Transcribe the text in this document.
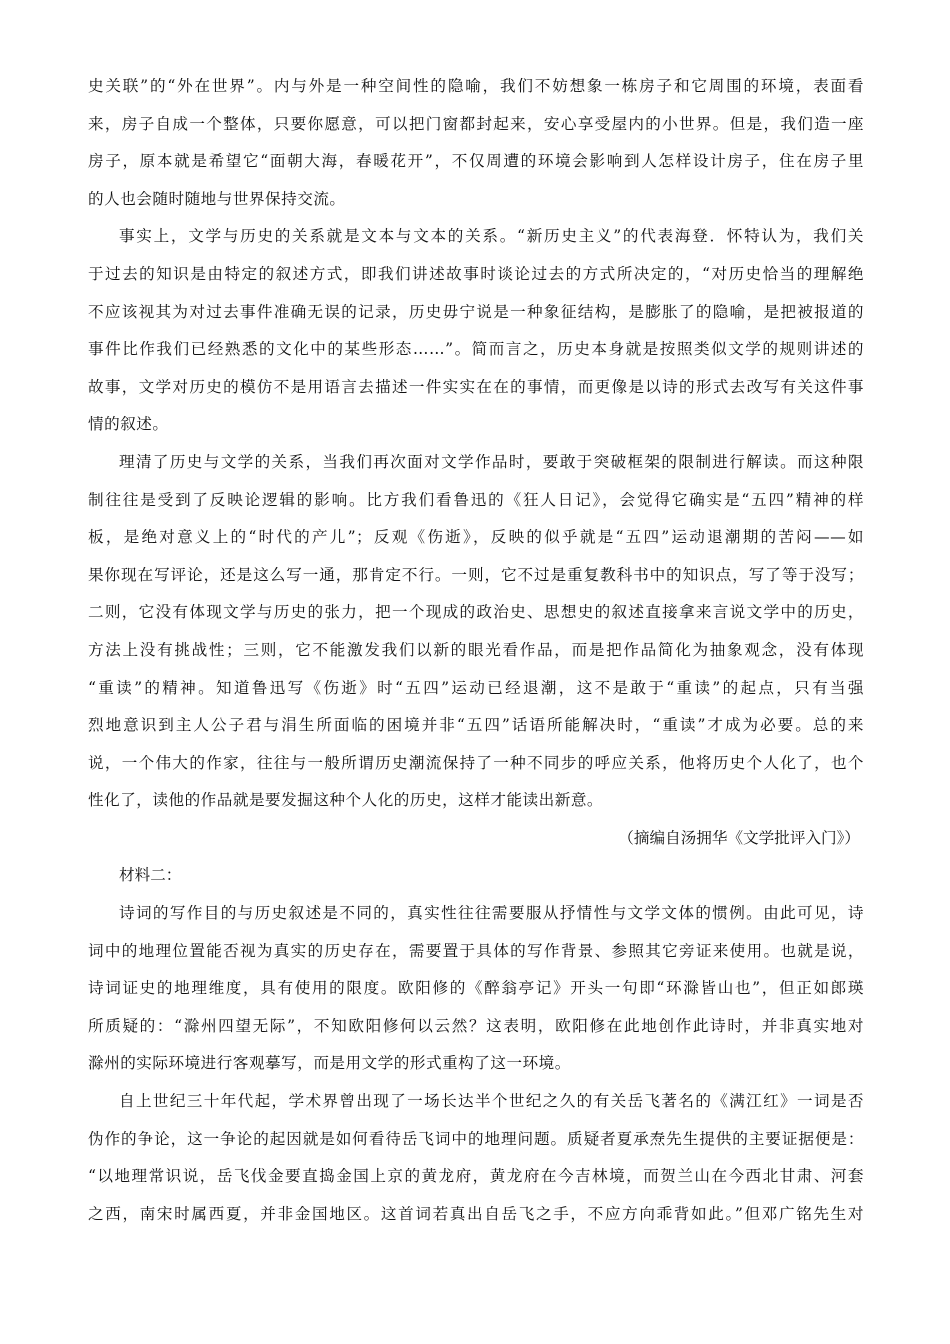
史关联”的“外在世界”。内与外是一种空间性的隐喻，我们不妨想象一栋房子和它周围的环境，表面看
来，房子自成一个整体，只要你愿意，可以把门窗都封起来，安心享受屋内的小世界。但是，我们造一座
房子，原本就是希望它“面朝大海，春暖花开”，不仅周遭的环境会影响到人怎样设计房子，住在房子里
的人也会随时随地与世界保持交流。

事实上，文学与历史的关系就是文本与文本的关系。“新历史主义”的代表海登．怀特认为，我们关
于过去的知识是由特定的叙述方式，即我们讲述故事时谈论过去的方式所决定的，“对历史恰当的理解绝
不应该视其为对过去事件准确无误的记录，历史毋宁说是一种象征结构，是膨胀了的隐喻，是把被报道的
事件比作我们已经熟悉的文化中的某些形态……”。简而言之，历史本身就是按照类似文学的规则讲述的
故事，文学对历史的模仿不是用语言去描述一件实实在在的事情，而更像是以诗的形式去改写有关这件事
情的叙述。

理清了历史与文学的关系，当我们再次面对文学作品时，要敢于突破框架的限制进行解读。而这种限
制往往是受到了反映论逻辑的影响。比方我们看鲁迅的《狂人日记》，会觉得它确实是“五四”精神的样
板，是绝对意义上的“时代的产儿”；反观《伤逝》，反映的似乎就是“五四”运动退潮期的苦闷——如
果你现在写评论，还是这么写一通，那肯定不行。一则，它不过是重复教科书中的知识点，写了等于没写；
二则，它没有体现文学与历史的张力，把一个现成的政治史、思想史的叙述直接拿来言说文学中的历史，
方法上没有挑战性；三则，它不能激发我们以新的眼光看作品，而是把作品简化为抽象观念，没有体现
“重读”的精神。知道鲁迅写《伤逝》时“五四”运动已经退潮，这不是敢于“重读”的起点，只有当强
烈地意识到主人公子君与涓生所面临的困境并非“五四”话语所能解决时，“重读”才成为必要。总的来
说，一个伟大的作家，往往与一般所谓历史潮流保持了一种不同步的呼应关系，他将历史个人化了，也个
性化了，读他的作品就是要发掘这种个人化的历史，这样才能读出新意。

（摘编自汤拥华《文学批评入门》）

材料二：

诗词的写作目的与历史叙述是不同的，真实性往往需要服从抒情性与文学文体的惯例。由此可见，诗
词中的地理位置能否视为真实的历史存在，需要置于具体的写作背景、参照其它旁证来使用。也就是说，
诗词证史的地理维度，具有使用的限度。欧阳修的《醉翁亭记》开头一句即“环滁皆山也”，但正如郎瑛
所质疑的：“滁州四望无际”，不知欧阳修何以云然？这表明，欧阳修在此地创作此诗时，并非真实地对
滁州的实际环境进行客观摹写，而是用文学的形式重构了这一环境。

自上世纪三十年代起，学术界曾出现了一场长达半个世纪之久的有关岳飞著名的《满江红》一词是否
伪作的争论，这一争论的起因就是如何看待岳飞词中的地理问题。质疑者夏承焘先生提供的主要证据便是：
“以地理常识说，岳飞伐金要直捣金国上京的黄龙府，黄龙府在今吉林境，而贺兰山在今西北甘肃、河套
之西，南宋时属西夏，并非金国地区。这首词若真出自岳飞之手，不应方向乖背如此。”但邓广铭先生对
